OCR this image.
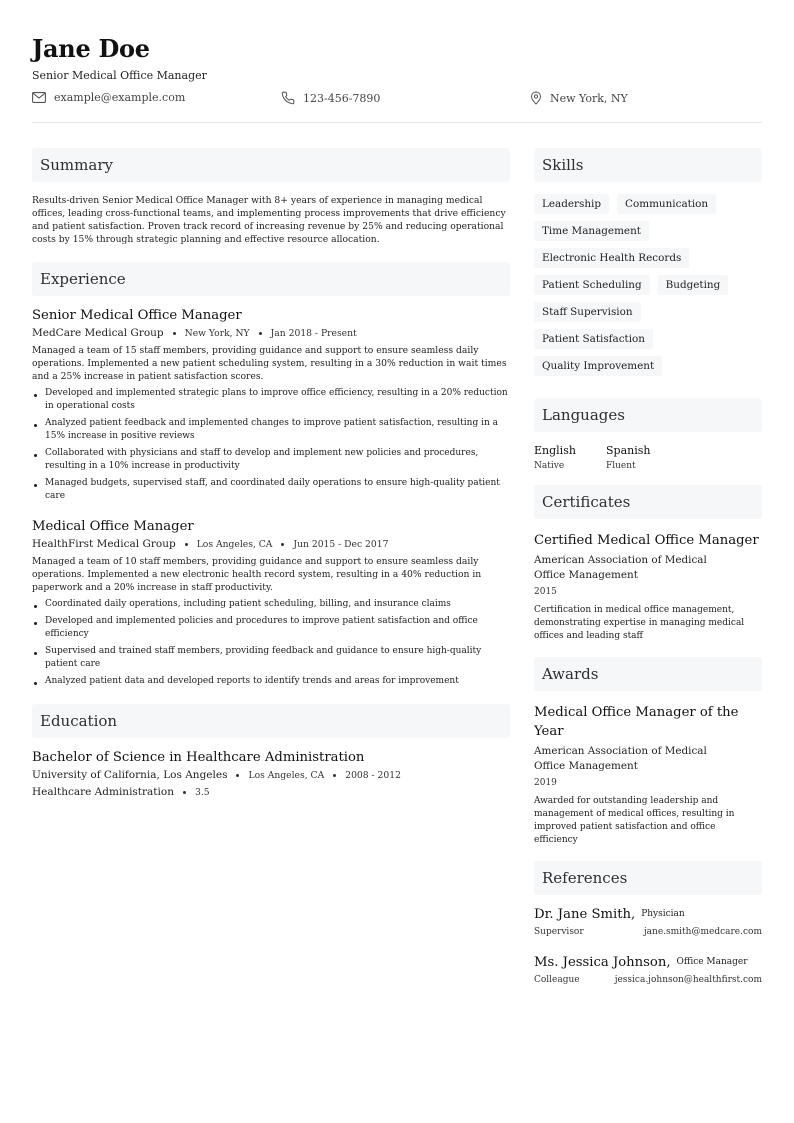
Jane Doe
Senior Medical Office Manager
example@example.com	123-456-7890	New York, NY
Summary

Results-driven Senior Medical Office Manager with 8+ years of experience in managing medical offices, leading cross-functional teams, and implementing process improvements that drive efficiency and patient satisfaction. Proven track record of increasing revenue by 25% and reducing operational costs by 15% through strategic planning and effective resource allocation.

Experience
Senior Medical Office Manager
MedCare Medical Group New York, NY Jan 2018 - Present

Managed a team of 15 staff members, providing guidance and support to ensure seamless daily operations. Implemented a new patient scheduling system, resulting in a 30% reduction in wait times and a 25% increase in patient satisfaction scores.

Developed and implemented strategic plans to improve office efficiency, resulting in a 20% reduction in operational costs
Analyzed patient feedback and implemented changes to improve patient satisfaction, resulting in a 15% increase in positive reviews
Collaborated with physicians and staff to develop and implement new policies and procedures, resulting in a 10% increase in productivity
Managed budgets, supervised staff, and coordinated daily operations to ensure high-quality patient care
Medical Office Manager
HealthFirst Medical Group Los Angeles, CA Jun 2015 - Dec 2017

Managed a team of 10 staff members, providing guidance and support to ensure seamless daily operations. Implemented a new electronic health record system, resulting in a 40% reduction in paperwork and a 20% increase in staff productivity.

Coordinated daily operations, including patient scheduling, billing, and insurance claims
Developed and implemented policies and procedures to improve patient satisfaction and office efficiency
Supervised and trained staff members, providing feedback and guidance to ensure high-quality patient care
Analyzed patient data and developed reports to identify trends and areas for improvement
Education
Bachelor of Science in Healthcare Administration
University of California, Los Angeles Los Angeles, CA 2008 - 2012
Healthcare Administration 3.5
Skills
Leadership	Communication
Time Management
Electronic Health Records
Patient Scheduling	Budgeting
Staff Supervision
Patient Satisfaction
Quality Improvement
Languages
English
Native
Spanish
Fluent
Certificates
Certified Medical Office Manager
American Association of Medical Office Management
2015
Certification in medical office management, demonstrating expertise in managing medical offices and leading staff
Awards
Medical Office Manager of the Year
American Association of Medical Office Management
2019
Awarded for outstanding leadership and management of medical offices, resulting in improved patient satisfaction and office efficiency
References
Dr. Jane Smith, Physician
Supervisor	jane.smith@medcare.com
Ms. Jessica Johnson, Office Manager
Colleague	jessica.johnson@healthfirst.com
